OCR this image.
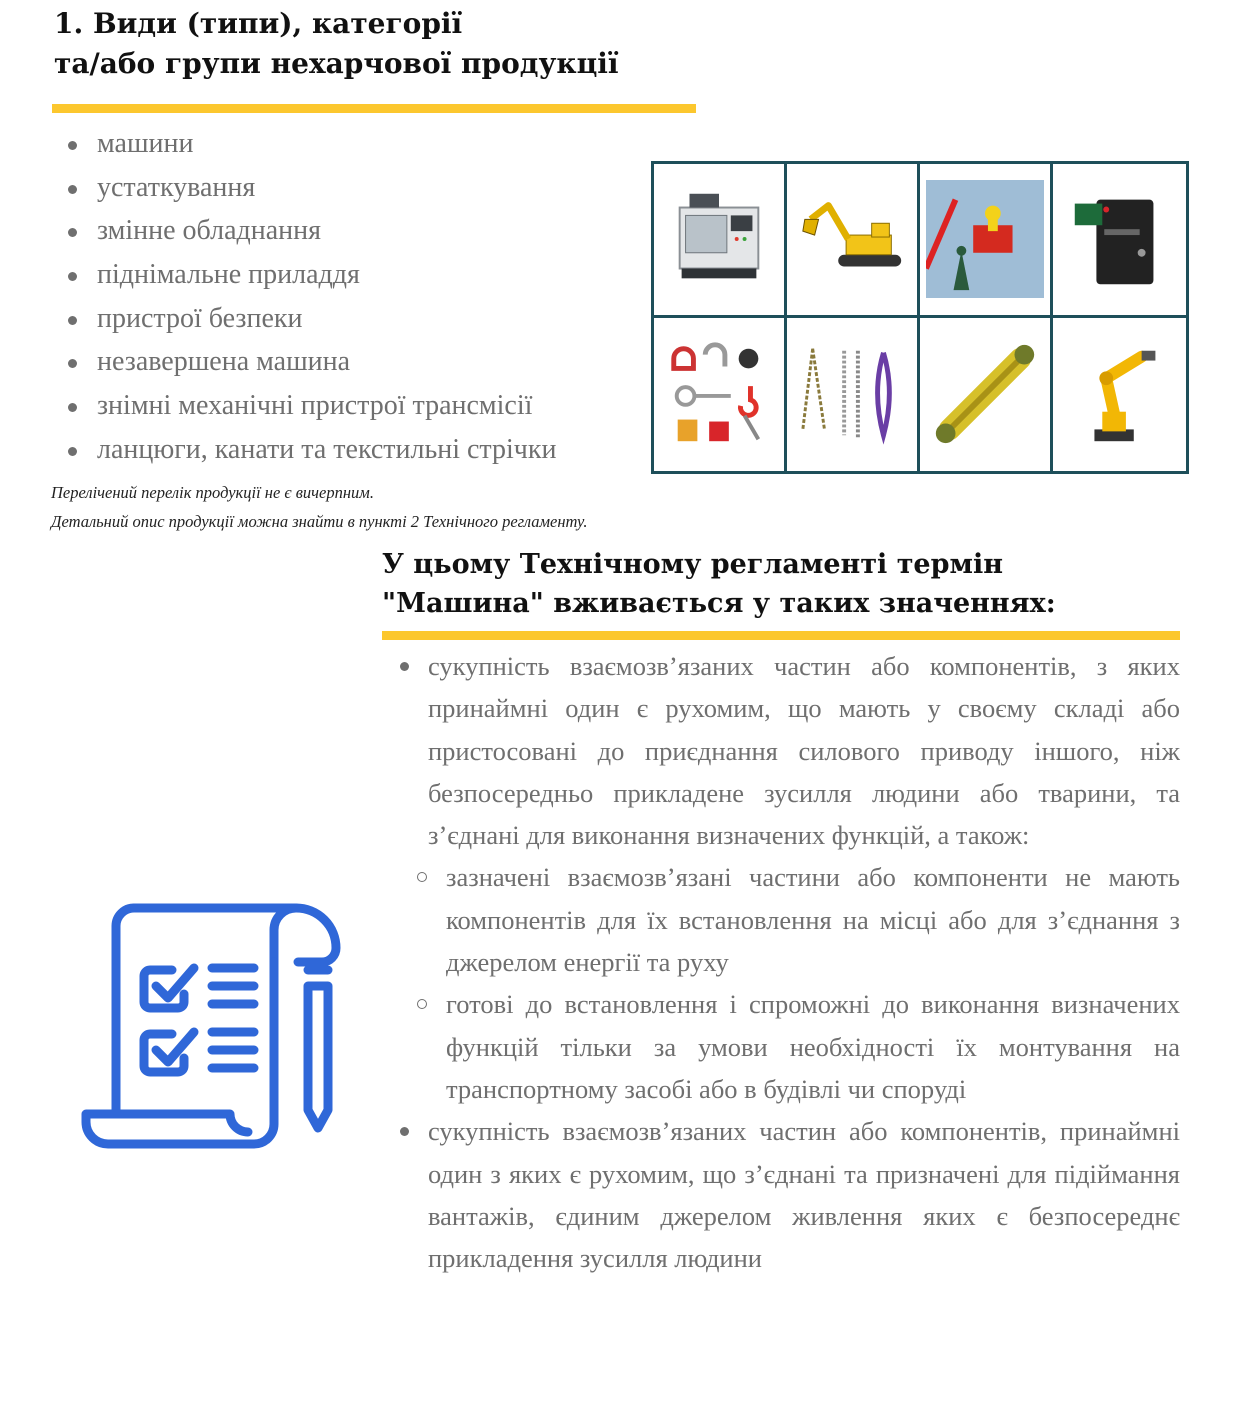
1. Види (типи), категорії
та/або групи нехарчової продукції
машини
устаткування
змінне обладнання
піднімальне приладдя
пристрої безпеки
незавершена машина
знімні механічні пристрої трансмісії
ланцюги, канати та текстильні стрічки
Перелічений перелік продукції не є вичерпним.
Детальний опис продукції можна знайти в пункті 2 Технічного регламенту.
У цьому Технічному регламенті термін
"Машина" вживається у таких значеннях:
сукупність взаємозв’язаних частин або компонентів, з яких принаймні один є рухомим, що мають у своєму складі або пристосовані до приєднання силового приводу іншого, ніж безпосередньо прикладене зусилля людини або тварини, та з’єднані для виконання визначених функцій, а також:
зазначені взаємозв’язані частини або компоненти не мають компонентів для їх встановлення на місці або для з’єднання з джерелом енергії та руху
готові до встановлення і спроможні до виконання визначених функцій тільки за умови необхідності їх монтування на транспортному засобі або в будівлі чи споруді
сукупність взаємозв’язаних частин або компонентів, принаймні один з яких є рухомим, що з’єднані та призначені для підіймання вантажів, єдиним джерелом живлення яких є безпосереднє прикладення зусилля людини
